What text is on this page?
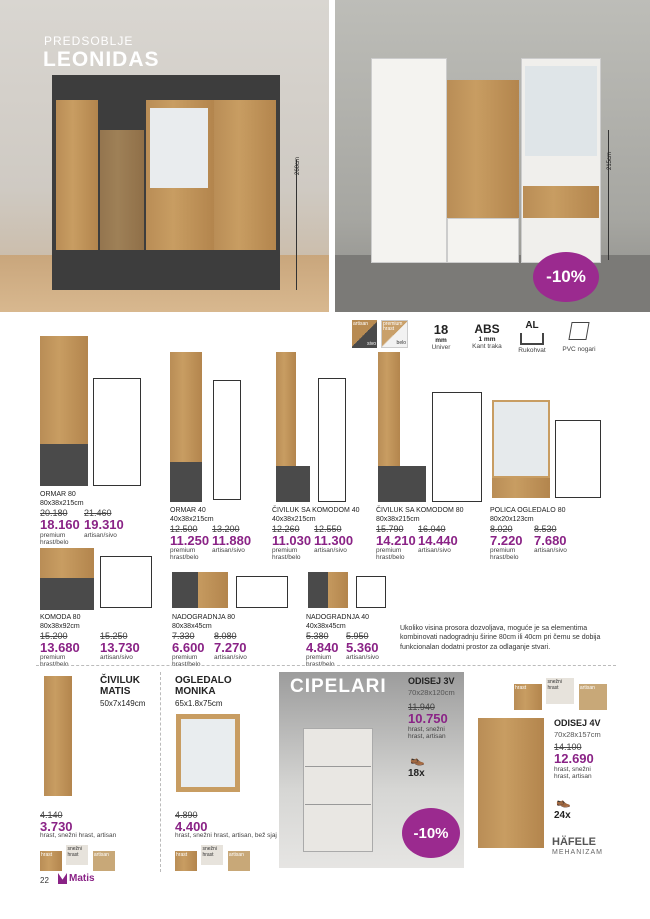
260cm
PREDSOBLJE
LEONIDAS
215cm
-10%
artisan
sivo
premium hrast
belo
18
mm
Univer
ABS
1 mm
Kant traka
AL
Rukohvat	PVC nogari
ORMAR 80
80x38x215cm
20.180
18.160
premium hrast/belo
21.460
19.310
artisan/sivo
ORMAR 40
40x38x215cm
12.500
11.250
premium hrast/belo
13.200
11.880
artisan/sivo
ČIVILUK SA KOMODOM 40
40x38x215cm
12.260
11.030
premium hrast/belo
12.550
11.300
artisan/sivo
ČIVILUK SA KOMODOM 80
80x38x215cm
15.790
14.210
premium hrast/belo
16.040
14.440
artisan/sivo
POLICA OGLEDALO 80
80x20x123cm
8.020
7.220
premium hrast/belo
8.530
7.680
artisan/sivo
KOMODA 80
80x38x92cm
15.200
13.680
premium hrast/belo
15.250
13.730
artisan/sivo
NADOGRADNJA 80
80x38x45cm
7.330
6.600
premium hrast/belo
8.080
7.270
artisan/sivo
NADOGRADNJA 40
40x38x45cm
5.380
4.840
premium hrast/belo
5.950
5.360
artisan/sivo
Ukoliko visina prosora dozvoljava, moguće je sa elementima kombinovati nadogradnju širine 80cm ili 40cm pri čemu se dobija funkcionalan dodatni prostor za odlaganje stvari.
ČIVILUK
MATIS
50x7x149cm
4.140
3.730
hrast, snežni hrast, artisan
hrast snežni hrast	artisan
OGLEDALO
MONIKA
65x1.8x75cm
4.890
4.400
hrast, snežni hrast, artisan, bež sjaj
hrast snežni hrast	artisan
CIPELARI ODISEJ 3V
70x28x120cm
11.940
10.750
hrast, snežni hrast, artisan
👞
18x
-10%
hrast snežni hrast	artisan
ODISEJ 4V
70x28x157cm
14.100
12.690
hrast, snežni hrast, artisan
👞
24x
HÄFELE
MEHANIZAM
22 Matis
